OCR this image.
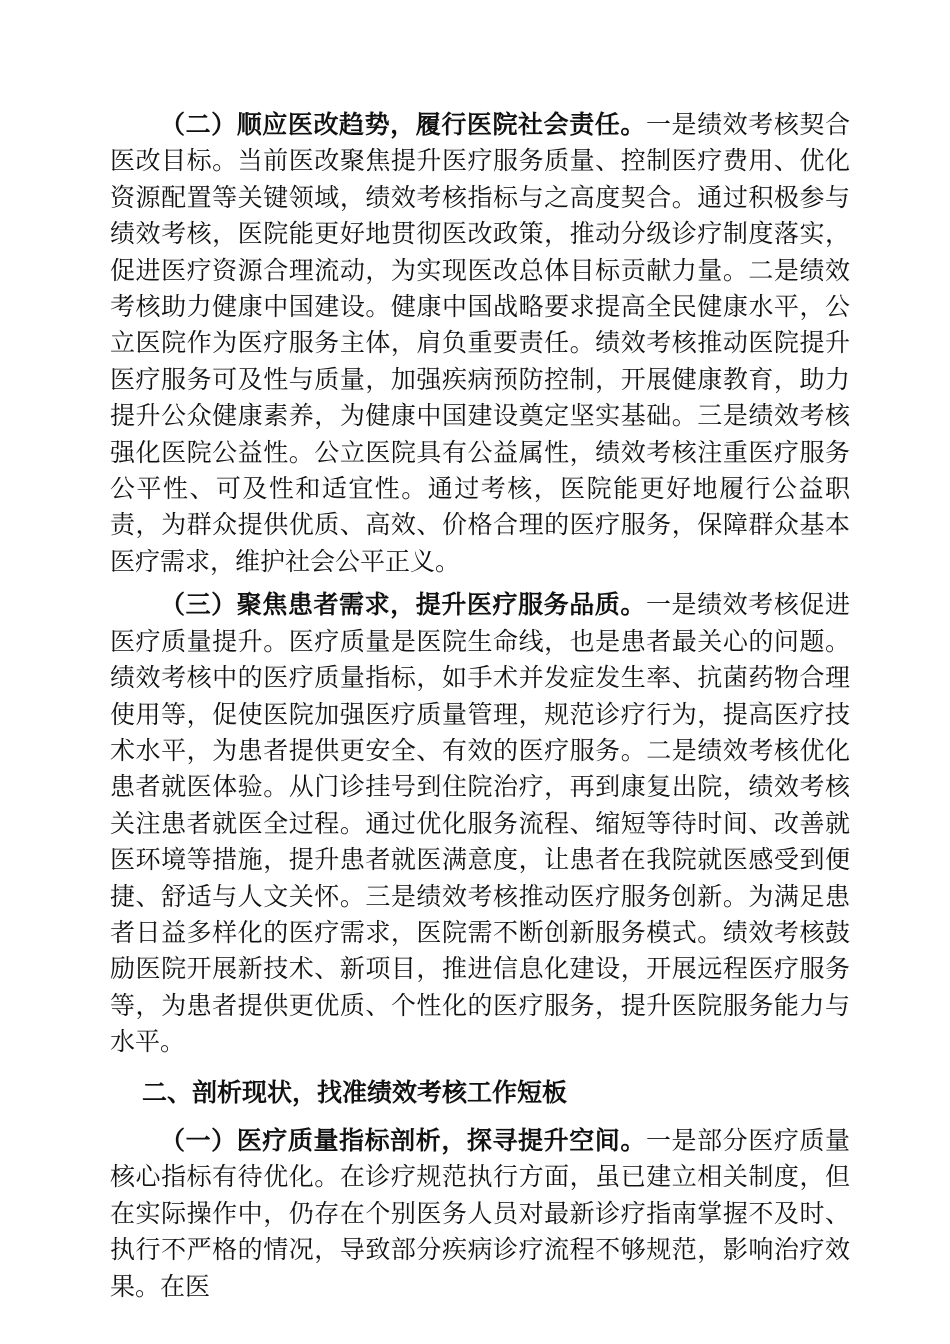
（二）顺应医改趋势，履行医院社会责任。一是绩效考核契合医改目标。当前医改聚焦提升医疗服务质量、控制医疗费用、优化资源配置等关键领域，绩效考核指标与之高度契合。通过积极参与绩效考核，医院能更好地贯彻医改政策，推动分级诊疗制度落实，促进医疗资源合理流动，为实现医改总体目标贡献力量。二是绩效考核助力健康中国建设。健康中国战略要求提高全民健康水平，公立医院作为医疗服务主体，肩负重要责任。绩效考核推动医院提升医疗服务可及性与质量，加强疾病预防控制，开展健康教育，助力提升公众健康素养，为健康中国建设奠定坚实基础。三是绩效考核强化医院公益性。公立医院具有公益属性，绩效考核注重医疗服务公平性、可及性和适宜性。通过考核，医院能更好地履行公益职责，为群众提供优质、高效、价格合理的医疗服务，保障群众基本医疗需求，维护社会公平正义。

（三）聚焦患者需求，提升医疗服务品质。一是绩效考核促进医疗质量提升。医疗质量是医院生命线，也是患者最关心的问题。绩效考核中的医疗质量指标，如手术并发症发生率、抗菌药物合理使用等，促使医院加强医疗质量管理，规范诊疗行为，提高医疗技术水平，为患者提供更安全、有效的医疗服务。二是绩效考核优化患者就医体验。从门诊挂号到住院治疗，再到康复出院，绩效考核关注患者就医全过程。通过优化服务流程、缩短等待时间、改善就医环境等措施，提升患者就医满意度，让患者在我院就医感受到便捷、舒适与人文关怀。三是绩效考核推动医疗服务创新。为满足患者日益多样化的医疗需求，医院需不断创新服务模式。绩效考核鼓励医院开展新技术、新项目，推进信息化建设，开展远程医疗服务等，为患者提供更优质、个性化的医疗服务，提升医院服务能力与水平。

二、剖析现状，找准绩效考核工作短板

（一）医疗质量指标剖析，探寻提升空间。一是部分医疗质量核心指标有待优化。在诊疗规范执行方面，虽已建立相关制度，但在实际操作中，仍存在个别医务人员对最新诊疗指南掌握不及时、执行不严格的情况，导致部分疾病诊疗流程不够规范，影响治疗效果。在医
